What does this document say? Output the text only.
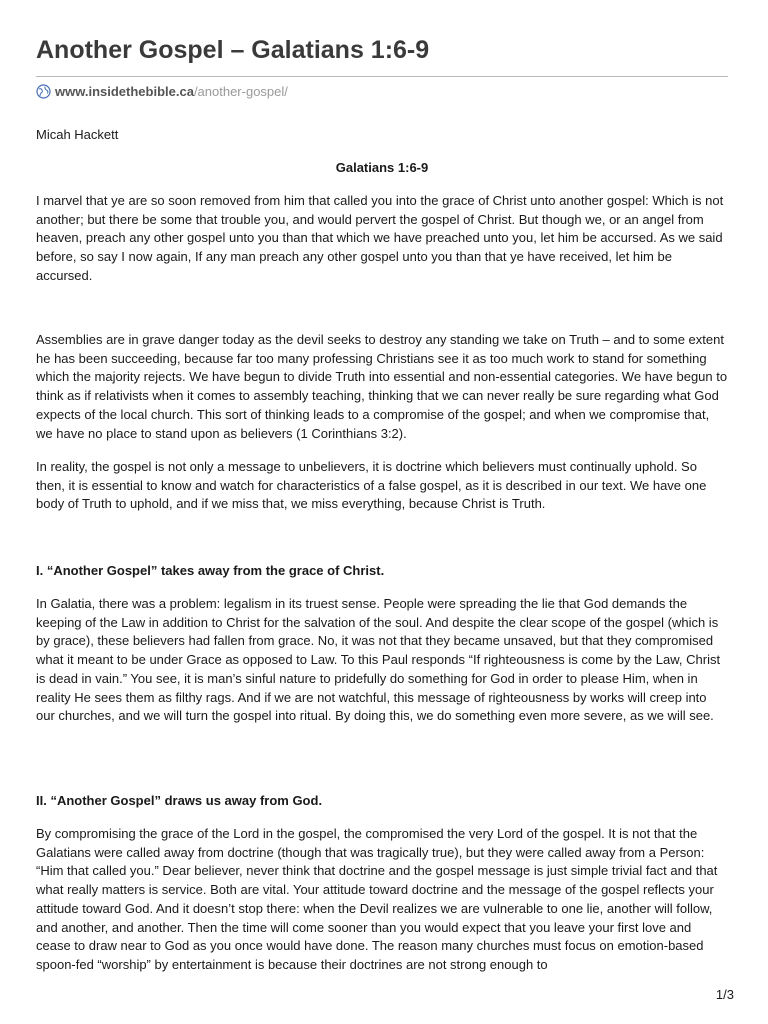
Another Gospel – Galatians 1:6-9
www.insidethebible.ca /another-gospel/
Micah Hackett
Galatians 1:6-9

I marvel that ye are so soon removed from him that called you into the grace of Christ unto another gospel: Which is not another; but there be some that trouble you, and would pervert the gospel of Christ. But though we, or an angel from heaven, preach any other gospel unto you than that which we have preached unto you, let him be accursed. As we said before, so say I now again, If any man preach any other gospel unto you than that ye have received, let him be accursed.

Assemblies are in grave danger today as the devil seeks to destroy any standing we take on Truth – and to some extent he has been succeeding, because far too many professing Christians see it as too much work to stand for something which the majority rejects. We have begun to divide Truth into essential and non-essential categories. We have begun to think as if relativists when it comes to assembly teaching, thinking that we can never really be sure regarding what God expects of the local church. This sort of thinking leads to a compromise of the gospel; and when we compromise that, we have no place to stand upon as believers (1 Corinthians 3:2).

In reality, the gospel is not only a message to unbelievers, it is doctrine which believers must continually uphold. So then, it is essential to know and watch for characteristics of a false gospel, as it is described in our text. We have one body of Truth to uphold, and if we miss that, we miss everything, because Christ is Truth.

I. “Another Gospel” takes away from the grace of Christ.

In Galatia, there was a problem: legalism in its truest sense. People were spreading the lie that God demands the keeping of the Law in addition to Christ for the salvation of the soul. And despite the clear scope of the gospel (which is by grace), these believers had fallen from grace. No, it was not that they became unsaved, but that they compromised what it meant to be under Grace as opposed to Law. To this Paul responds “If righteousness is come by the Law, Christ is dead in vain.” You see, it is man’s sinful nature to pridefully do something for God in order to please Him, when in reality He sees them as filthy rags. And if we are not watchful, this message of righteousness by works will creep into our churches, and we will turn the gospel into ritual. By doing this, we do something even more severe, as we will see.

II. “Another Gospel” draws us away from God.

By compromising the grace of the Lord in the gospel, the compromised the very Lord of the gospel. It is not that the Galatians were called away from doctrine (though that was tragically true), but they were called away from a Person: “Him that called you.” Dear believer, never think that doctrine and the gospel message is just simple trivial fact and that what really matters is service. Both are vital. Your attitude toward doctrine and the message of the gospel reflects your attitude toward God. And it doesn’t stop there: when the Devil realizes we are vulnerable to one lie, another will follow, and another, and another. Then the time will come sooner than you would expect that you leave your first love and cease to draw near to God as you once would have done. The reason many churches must focus on emotion-based spoon-fed “worship” by entertainment is because their doctrines are not strong enough to

1/3
